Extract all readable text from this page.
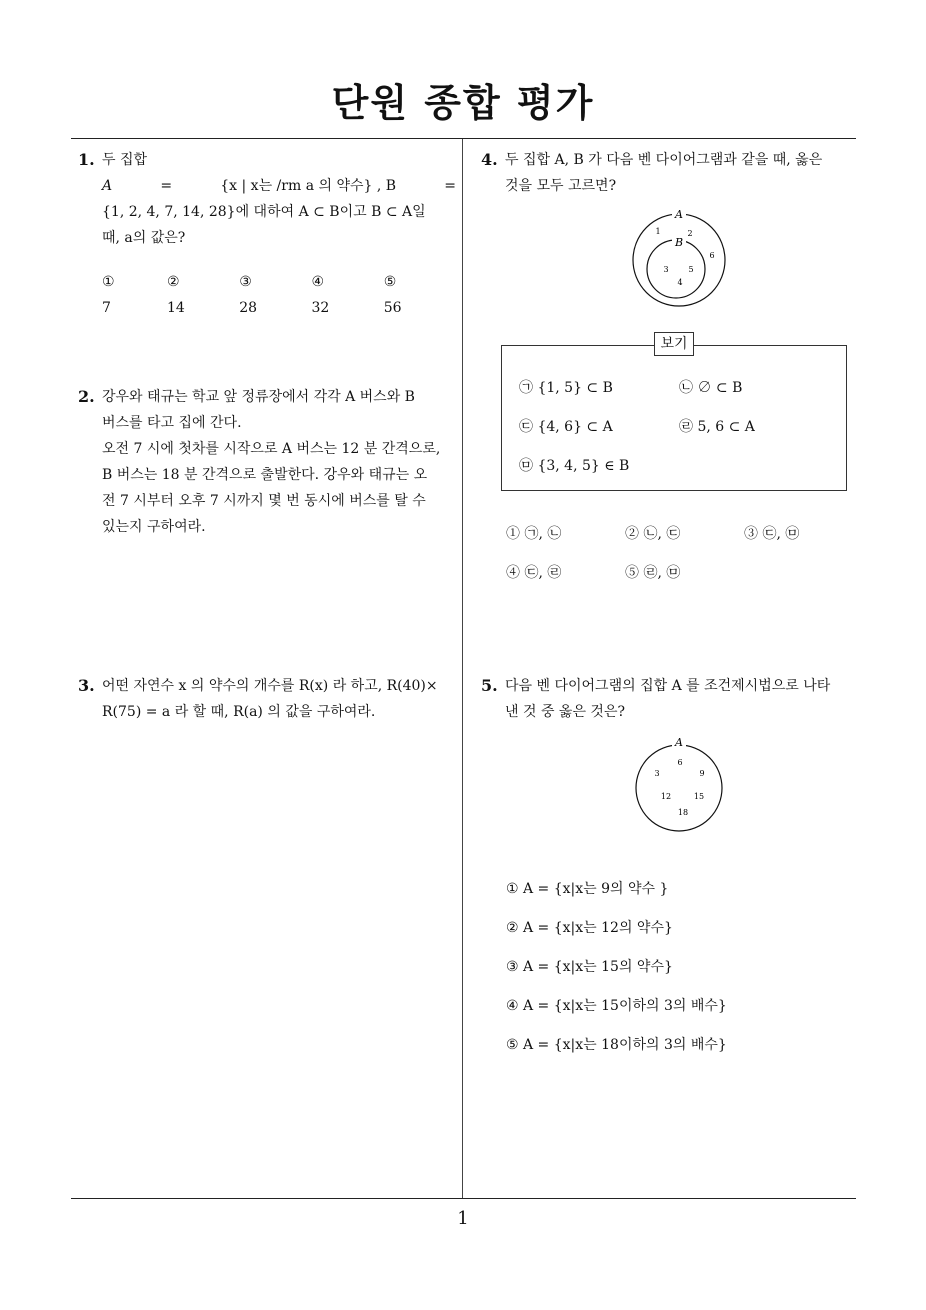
단원 종합 평가
1. 두 집합

A	=	{x | x는 /rm a 의 약수} , B	=

{1, 2, 4, 7, 14, 28}에 대하여 A ⊂ B이고 B ⊂ A일

때, a의 값은?

① 7
② 14
③ 28
④ 32
⑤ 56
2. 강우와 태규는 학교 앞 정류장에서 각각 A 버스와 B

버스를 타고 집에 간다.

오전 7 시에 첫차를 시작으로 A 버스는 12 분 간격으로,

B 버스는 18 분 간격으로 출발한다. 강우와 태규는 오

전 7 시부터 오후 7 시까지 몇 번 동시에 버스를 탈 수

있는지 구하여라.

3. 어떤 자연수 x 의 약수의 개수를 R(x) 라 하고, R(40)×

R(75) = a 라 할 때, R(a) 의 값을 구하여라.

4. 두 집합 A, B 가 다음 벤 다이어그램과 같을 때, 옳은

것을 모두 고르면?

A
B
1	2
6
3 5
4
보기
㉠ {1, 5} ⊂ B	㉡ ∅ ⊂ B
㉢ {4, 6} ⊂ A	㉣ 5, 6 ⊂ A
㉤ {3, 4, 5} ∈ B
① ㉠, ㉡	② ㉡, ㉢	③ ㉢, ㉤
④ ㉢, ㉣	⑤ ㉣, ㉤
5. 다음 벤 다이어그램의 집합 A 를 조건제시법으로 나타

낸 것 중 옳은 것은?

A
6
3	9
12	15
18
① A = {x|x는 9의 약수 }
② A = {x|x는 12의 약수}
③ A = {x|x는 15의 약수}
④ A = {x|x는 15이하의 3의 배수}
⑤ A = {x|x는 18이하의 3의 배수}
1
